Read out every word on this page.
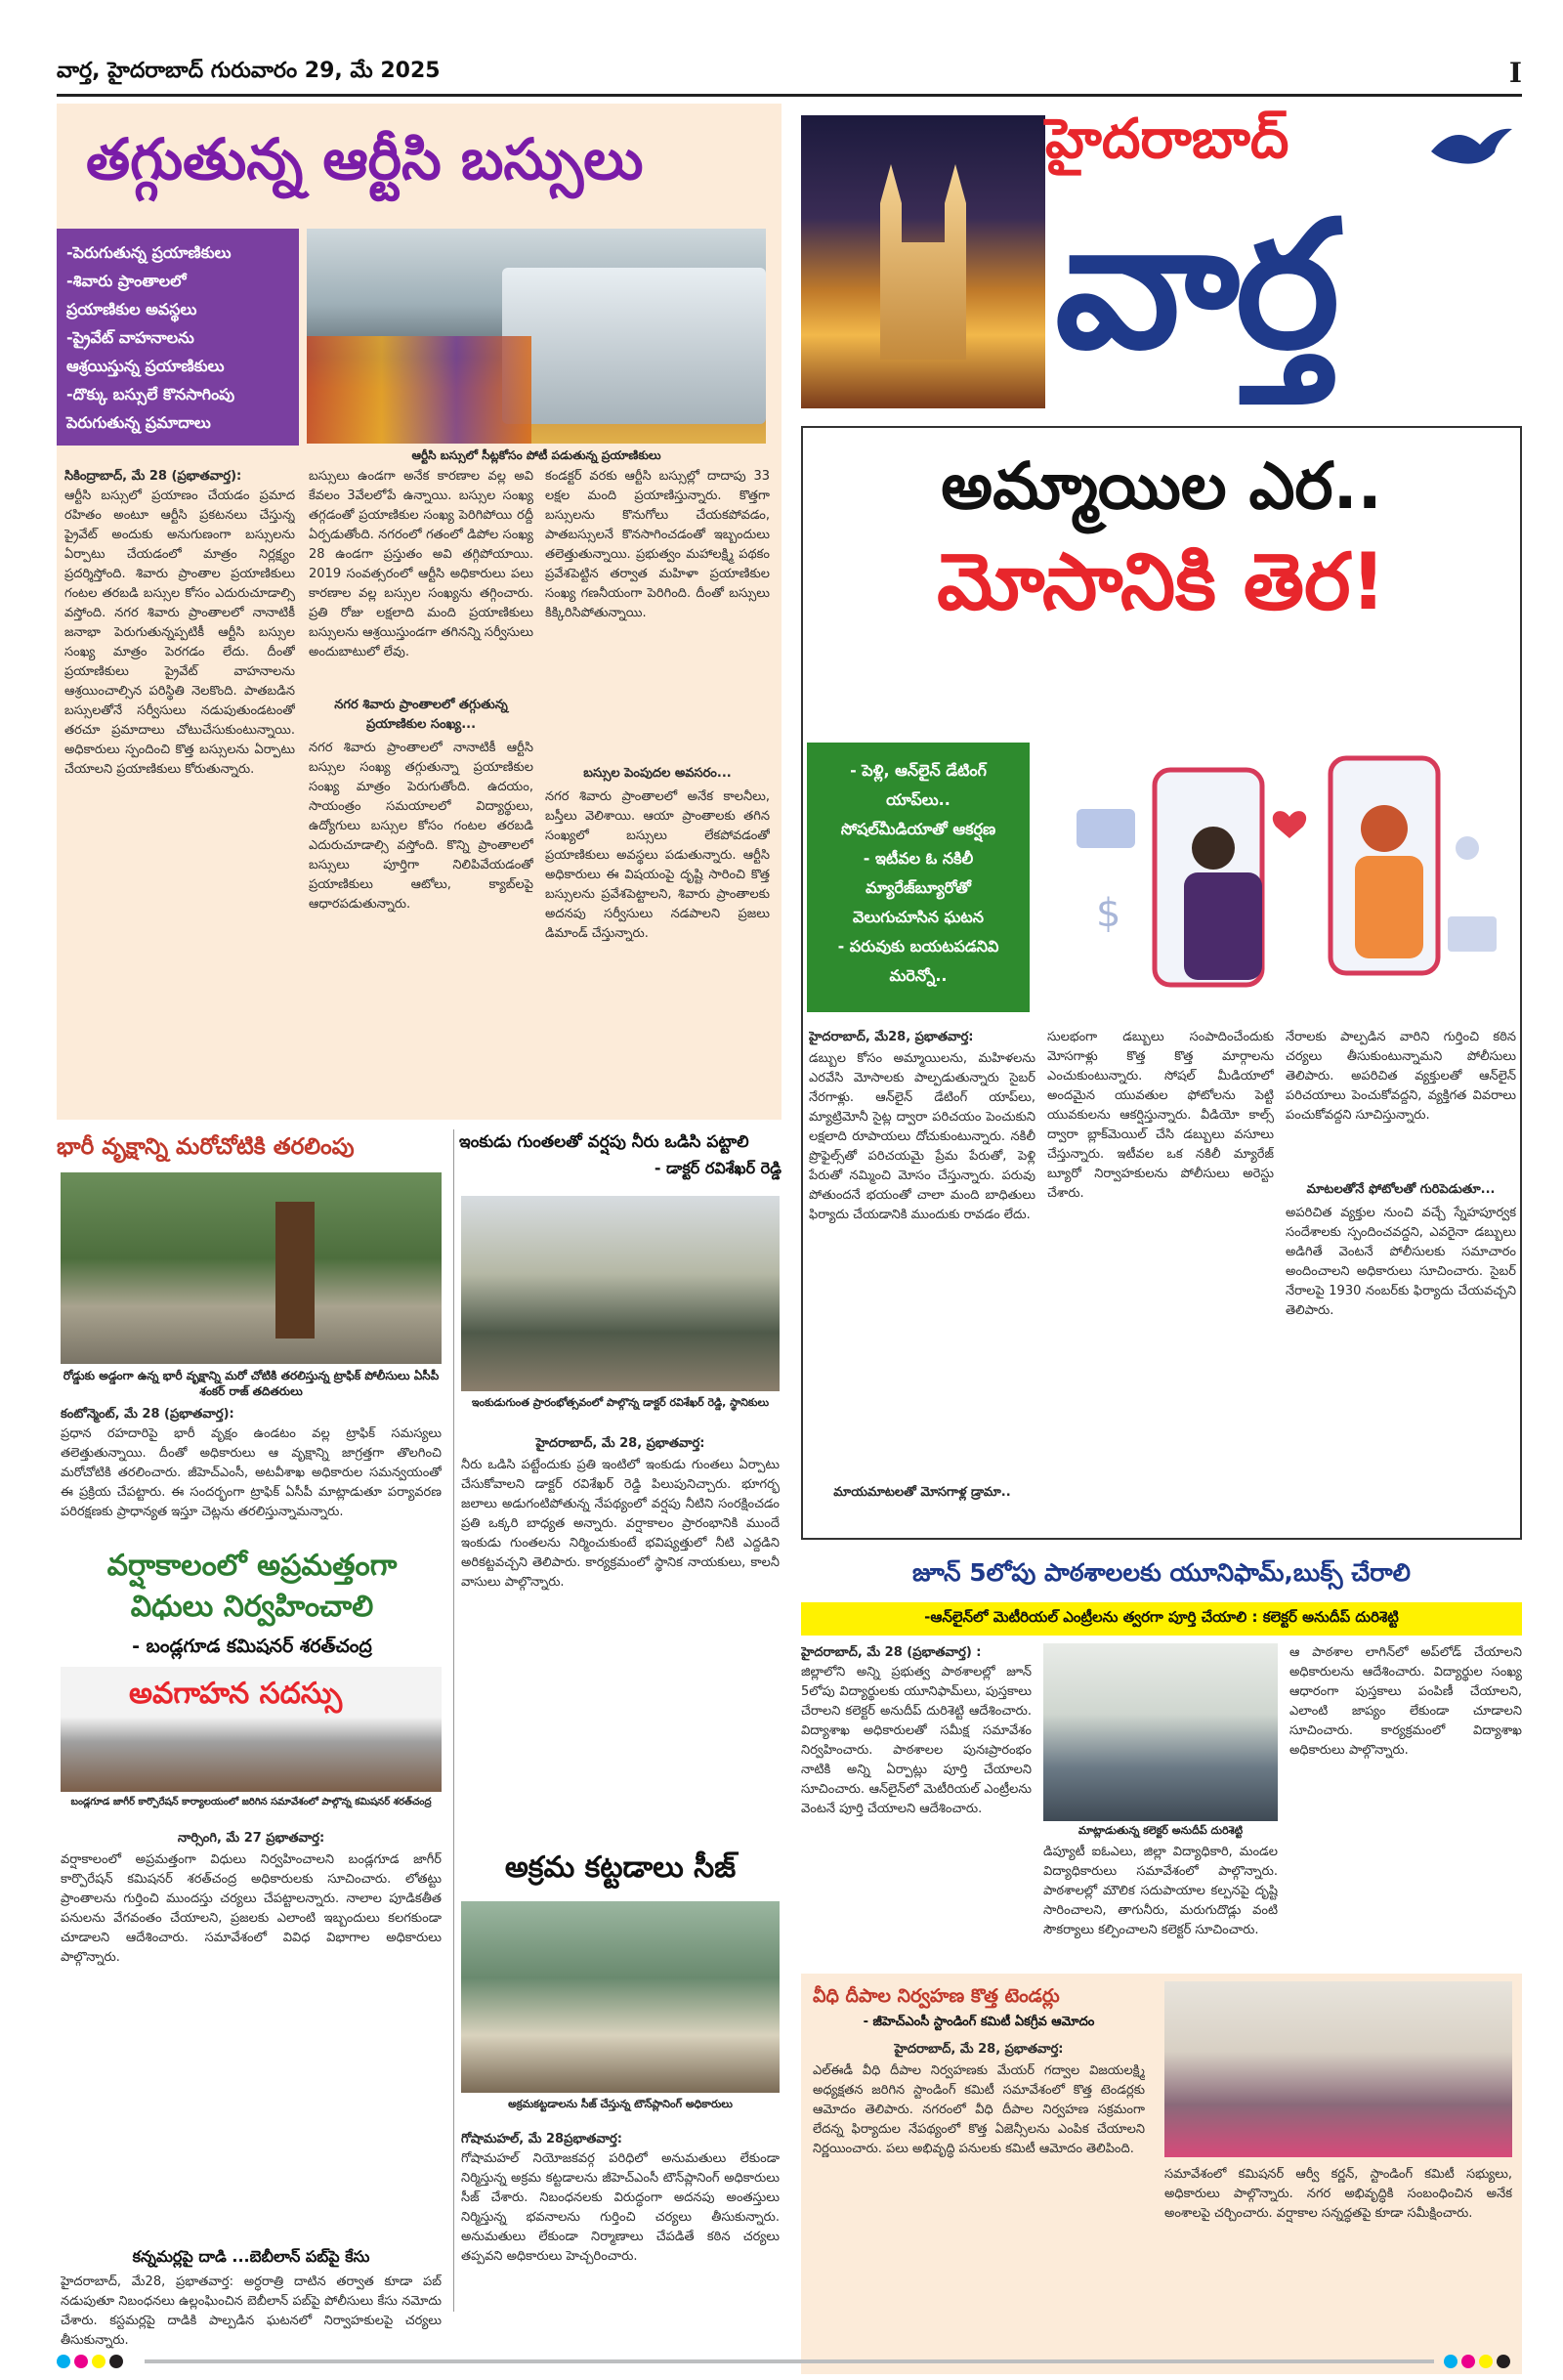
వార్త, హైదరాబాద్ గురువారం 29, మే 2025	I
తగ్గుతున్న ఆర్టీసి బస్సులు
-పెరుగుతున్న ప్రయాణికులు
-శివారు ప్రాంతాలలో
ప్రయాణికుల అవస్థలు
-ప్రైవేట్ వాహనాలను
ఆశ్రయిస్తున్న ప్రయాణికులు
-దొక్కు బస్సులే కొనసాగింపు
పెరుగుతున్న ప్రమాదాలు
ఆర్టీసి బస్సులో సీట్లకోసం పోటీ పడుతున్న ప్రయాణికులు
సికింద్రాబాద్, మే 28 (ప్రభాతవార్త):
ఆర్టీసి బస్సులో ప్రయాణం చేయడం ప్రమాద రహితం అంటూ ఆర్టీసి ప్రకటనలు చేస్తున్న ప్రైవేట్ అందుకు అనుగుణంగా బస్సులను ఏర్పాటు చేయడంలో మాత్రం నిర్లక్ష్యం ప్రదర్శిస్తోంది. శివారు ప్రాంతాల ప్రయాణికులు గంటల తరబడి బస్సుల కోసం ఎదురుచూడాల్సి వస్తోంది. నగర శివారు ప్రాంతాలలో నానాటికీ జనాభా పెరుగుతున్నప్పటికీ ఆర్టీసి బస్సుల సంఖ్య మాత్రం పెరగడం లేదు. దీంతో ప్రయాణికులు ప్రైవేట్ వాహనాలను ఆశ్రయించాల్సిన పరిస్థితి నెలకొంది. పాతబడిన బస్సులతోనే సర్వీసులు నడుపుతుండటంతో తరచూ ప్రమాదాలు చోటుచేసుకుంటున్నాయి. అధికారులు స్పందించి కొత్త బస్సులను ఏర్పాటు చేయాలని ప్రయాణికులు కోరుతున్నారు.
బస్సులు ఉండగా అనేక కారణాల వల్ల అవి కేవలం 3వేలలోపే ఉన్నాయి. బస్సుల సంఖ్య తగ్గడంతో ప్రయాణికుల సంఖ్య పెరిగిపోయి రద్దీ ఏర్పడుతోంది. నగరంలో గతంలో డిపోల సంఖ్య 28 ఉండగా ప్రస్తుతం అవి తగ్గిపోయాయి. 2019 సంవత్సరంలో ఆర్టీసి అధికారులు పలు కారణాల వల్ల బస్సుల సంఖ్యను తగ్గించారు. ప్రతి రోజు లక్షలాది మంది ప్రయాణికులు బస్సులను ఆశ్రయిస్తుండగా తగినన్ని సర్వీసులు అందుబాటులో లేవు.
నగర శివారు ప్రాంతాలలో తగ్గుతున్న ప్రయాణికుల సంఖ్య...
నగర శివారు ప్రాంతాలలో నానాటికీ ఆర్టీసి బస్సుల సంఖ్య తగ్గుతున్నా ప్రయాణికుల సంఖ్య మాత్రం పెరుగుతోంది. ఉదయం, సాయంత్రం సమయాలలో విద్యార్థులు, ఉద్యోగులు బస్సుల కోసం గంటల తరబడి ఎదురుచూడాల్సి వస్తోంది. కొన్ని ప్రాంతాలలో బస్సులు పూర్తిగా నిలిపివేయడంతో ప్రయాణికులు ఆటోలు, క్యాబ్‌లపై ఆధారపడుతున్నారు.
కండక్టర్ వరకు ఆర్టీసి బస్సుల్లో దాదాపు 33 లక్షల మంది ప్రయాణిస్తున్నారు. కొత్తగా బస్సులను కొనుగోలు చేయకపోవడం, పాతబస్సులనే కొనసాగించడంతో ఇబ్బందులు తలెత్తుతున్నాయి. ప్రభుత్వం మహాలక్ష్మి పథకం ప్రవేశపెట్టిన తర్వాత మహిళా ప్రయాణికుల సంఖ్య గణనీయంగా పెరిగింది. దీంతో బస్సులు కిక్కిరిసిపోతున్నాయి.
బస్సుల పెంపుదల అవసరం...
నగర శివారు ప్రాంతాలలో అనేక కాలనీలు, బస్తీలు వెలిశాయి. ఆయా ప్రాంతాలకు తగిన సంఖ్యలో బస్సులు లేకపోవడంతో ప్రయాణికులు అవస్థలు పడుతున్నారు. ఆర్టీసి అధికారులు ఈ విషయంపై దృష్టి సారించి కొత్త బస్సులను ప్రవేశపెట్టాలని, శివారు ప్రాంతాలకు అదనపు సర్వీసులు నడపాలని ప్రజలు డిమాండ్ చేస్తున్నారు.
హైదరాబాద్
వార్త
అమ్మాయిల ఎర..
మోసానికి తెర!
- పెళ్లి, ఆన్‌లైన్ డేటింగ్
యాప్‌లు..
సోషల్‌మీడియాతో ఆకర్షణ
- ఇటీవల ఓ నకిలీ
మ్యారేజ్‌బ్యూరోతో
వెలుగుచూసిన ఘటన
- పరువుకు బయటపడనివి
మరెన్నో..
$
హైదరాబాద్, మే28, ప్రభాతవార్త:
డబ్బుల కోసం అమ్మాయిలను, మహిళలను ఎరవేసి మోసాలకు పాల్పడుతున్నారు సైబర్ నేరగాళ్లు. ఆన్‌లైన్ డేటింగ్ యాప్‌లు, మ్యాట్రిమోనీ సైట్ల ద్వారా పరిచయం పెంచుకుని లక్షలాది రూపాయలు దోచుకుంటున్నారు. నకిలీ ప్రొఫైల్స్‌తో పరిచయమై ప్రేమ పేరుతో, పెళ్లి పేరుతో నమ్మించి మోసం చేస్తున్నారు. పరువు పోతుందనే భయంతో చాలా మంది బాధితులు ఫిర్యాదు చేయడానికి ముందుకు రావడం లేదు.
మాయమాటలతో మోసగాళ్ల డ్రామా..
సులభంగా డబ్బులు సంపాదించేందుకు మోసగాళ్లు కొత్త కొత్త మార్గాలను ఎంచుకుంటున్నారు. సోషల్ మీడియాలో అందమైన యువతుల ఫోటోలను పెట్టి యువకులను ఆకర్షిస్తున్నారు. వీడియో కాల్స్ ద్వారా బ్లాక్‌మెయిల్ చేసి డబ్బులు వసూలు చేస్తున్నారు. ఇటీవల ఒక నకిలీ మ్యారేజ్ బ్యూరో నిర్వాహకులను పోలీసులు అరెస్టు చేశారు.
నేరాలకు పాల్పడిన వారిని గుర్తించి కఠిన చర్యలు తీసుకుంటున్నామని పోలీసులు తెలిపారు. అపరిచిత వ్యక్తులతో ఆన్‌లైన్ పరిచయాలు పెంచుకోవద్దని, వ్యక్తిగత వివరాలు పంచుకోవద్దని సూచిస్తున్నారు.
మాటలతోనే ఫోటోలతో గురిపెడుతూ...
అపరిచిత వ్యక్తుల నుంచి వచ్చే స్నేహపూర్వక సందేశాలకు స్పందించవద్దని, ఎవరైనా డబ్బులు అడిగితే వెంటనే పోలీసులకు సమాచారం అందించాలని అధికారులు సూచించారు. సైబర్ నేరాలపై 1930 నంబర్‌కు ఫిర్యాదు చేయవచ్చని తెలిపారు.
భారీ వృక్షాన్ని మరోచోటికి తరలింపు
రోడ్డుకు అడ్డంగా ఉన్న భారీ వృక్షాన్ని మరో చోటికి తరలిస్తున్న ట్రాఫిక్ పోలీసులు ఏసీపీ శంకర్ రాజ్ తదితరులు
కంటోన్మెంట్, మే 28 (ప్రభాతవార్త):
ప్రధాన రహదారిపై భారీ వృక్షం ఉండటం వల్ల ట్రాఫిక్ సమస్యలు తలెత్తుతున్నాయి. దీంతో అధికారులు ఆ వృక్షాన్ని జాగ్రత్తగా తొలగించి మరోచోటికి తరలించారు. జీహెచ్‌ఎంసీ, అటవీశాఖ అధికారుల సమన్వయంతో ఈ ప్రక్రియ చేపట్టారు. ఈ సందర్భంగా ట్రాఫిక్ ఏసీపీ మాట్లాడుతూ పర్యావరణ పరిరక్షణకు ప్రాధాన్యత ఇస్తూ చెట్లను తరలిస్తున్నామన్నారు.
ఇంకుడు గుంతలతో వర్షపు నీరు ఒడిసి పట్టాలి
- డాక్టర్ రవిశేఖర్ రెడ్డి
ఇంకుడుగుంత ప్రారంభోత్సవంలో పాల్గొన్న డాక్టర్ రవిశేఖర్ రెడ్డి, స్థానికులు
హైదరాబాద్, మే 28, ప్రభాతవార్త:
నీరు ఒడిసి పట్టేందుకు ప్రతి ఇంటిలో ఇంకుడు గుంతలు ఏర్పాటు చేసుకోవాలని డాక్టర్ రవిశేఖర్ రెడ్డి పిలుపునిచ్చారు. భూగర్భ జలాలు అడుగంటిపోతున్న నేపథ్యంలో వర్షపు నీటిని సంరక్షించడం ప్రతి ఒక్కరి బాధ్యత అన్నారు. వర్షాకాలం ప్రారంభానికి ముందే ఇంకుడు గుంతలను నిర్మించుకుంటే భవిష్యత్తులో నీటి ఎద్దడిని అరికట్టవచ్చని తెలిపారు. కార్యక్రమంలో స్థానిక నాయకులు, కాలనీ వాసులు పాల్గొన్నారు.
వర్షాకాలంలో అప్రమత్తంగా
విధులు నిర్వహించాలి
- బండ్లగూడ కమిషనర్ శరత్‌చంద్ర
అవగాహన సదస్సు
బండ్లగూడ జాగీర్ కార్పొరేషన్ కార్యాలయంలో జరిగిన సమావేశంలో పాల్గొన్న కమిషనర్ శరత్‌చంద్ర
నార్సింగి, మే 27 ప్రభాతవార్త:
వర్షాకాలంలో అప్రమత్తంగా విధులు నిర్వహించాలని బండ్లగూడ జాగీర్ కార్పొరేషన్ కమిషనర్ శరత్‌చంద్ర అధికారులకు సూచించారు. లోతట్టు ప్రాంతాలను గుర్తించి ముందస్తు చర్యలు చేపట్టాలన్నారు. నాలాల పూడికతీత పనులను వేగవంతం చేయాలని, ప్రజలకు ఎలాంటి ఇబ్బందులు కలగకుండా చూడాలని ఆదేశించారు. సమావేశంలో వివిధ విభాగాల అధికారులు పాల్గొన్నారు.
కన్నమర్లపై దాడి ...బెబీలాన్ పబ్‌పై కేసు
హైదరాబాద్, మే28, ప్రభాతవార్త: అర్ధరాత్రి దాటిన తర్వాత కూడా పబ్ నడుపుతూ నిబంధనలు ఉల్లంఘించిన బెబీలాన్ పబ్‌పై పోలీసులు కేసు నమోదు చేశారు. కస్టమర్లపై దాడికి పాల్పడిన ఘటనలో నిర్వాహకులపై చర్యలు తీసుకున్నారు.
అక్రమ కట్టడాలు సీజ్
అక్రమకట్టడాలను సీజ్ చేస్తున్న టౌన్‌ప్లానింగ్ అధికారులు
గోషామహల్, మే 28ప్రభాతవార్త:
గోషామహల్ నియోజకవర్గ పరిధిలో అనుమతులు లేకుండా నిర్మిస్తున్న అక్రమ కట్టడాలను జీహెచ్‌ఎంసీ టౌన్‌ప్లానింగ్ అధికారులు సీజ్ చేశారు. నిబంధనలకు విరుద్ధంగా అదనపు అంతస్తులు నిర్మిస్తున్న భవనాలను గుర్తించి చర్యలు తీసుకున్నారు. అనుమతులు లేకుండా నిర్మాణాలు చేపడితే కఠిన చర్యలు తప్పవని అధికారులు హెచ్చరించారు.
జూన్ 5లోపు పాఠశాలలకు యూనిఫామ్,బుక్స్ చేరాలి
-ఆన్‌లైన్‌లో మెటీరియల్ ఎంట్రీలను త్వరగా పూర్తి చేయాలి : కలెక్టర్ అనుదీప్ దురిశెట్టి
హైదరాబాద్, మే 28 (ప్రభాతవార్త) :
జిల్లాలోని అన్ని ప్రభుత్వ పాఠశాలల్లో జూన్ 5లోపు విద్యార్థులకు యూనిఫామ్‌లు, పుస్తకాలు చేరాలని కలెక్టర్ అనుదీప్ దురిశెట్టి ఆదేశించారు. విద్యాశాఖ అధికారులతో సమీక్ష సమావేశం నిర్వహించారు. పాఠశాలల పునఃప్రారంభం నాటికి అన్ని ఏర్పాట్లు పూర్తి చేయాలని సూచించారు. ఆన్‌లైన్‌లో మెటీరియల్ ఎంట్రీలను వెంటనే పూర్తి చేయాలని ఆదేశించారు.
మాట్లాడుతున్న కలెక్టర్ అనుదీప్ దురిశెట్టి
డిప్యూటీ ఐఓఎలు, జిల్లా విద్యాధికారి, మండల విద్యాధికారులు సమావేశంలో పాల్గొన్నారు. పాఠశాలల్లో మౌలిక సదుపాయాల కల్పనపై దృష్టి సారించాలని, తాగునీరు, మరుగుదొడ్లు వంటి సౌకర్యాలు కల్పించాలని కలెక్టర్ సూచించారు.
ఆ పాఠశాల లాగిన్‌లో అప్‌లోడ్ చేయాలని అధికారులను ఆదేశించారు. విద్యార్థుల సంఖ్య ఆధారంగా పుస్తకాలు పంపిణీ చేయాలని, ఎలాంటి జాప్యం లేకుండా చూడాలని సూచించారు. కార్యక్రమంలో విద్యాశాఖ అధికారులు పాల్గొన్నారు.
వీధి దీపాల నిర్వహణ కొత్త టెండర్లు
- జీహెచ్‌ఎంసీ స్టాండింగ్ కమిటీ ఏకగ్రీవ ఆమోదం
హైదరాబాద్, మే 28, ప్రభాతవార్త:
ఎల్ఈడీ వీధి దీపాల నిర్వహణకు మేయర్ గద్వాల విజయలక్ష్మి అధ్యక్షతన జరిగిన స్టాండింగ్ కమిటీ సమావేశంలో కొత్త టెండర్లకు ఆమోదం తెలిపారు. నగరంలో వీధి దీపాల నిర్వహణ సక్రమంగా లేదన్న ఫిర్యాదుల నేపథ్యంలో కొత్త ఏజెన్సీలను ఎంపిక చేయాలని నిర్ణయించారు. పలు అభివృద్ధి పనులకు కమిటీ ఆమోదం తెలిపింది.
సమావేశంలో కమిషనర్ ఆర్వీ కర్ణన్, స్టాండింగ్ కమిటీ సభ్యులు, అధికారులు పాల్గొన్నారు. నగర అభివృద్ధికి సంబంధించిన అనేక అంశాలపై చర్చించారు. వర్షాకాల సన్నద్ధతపై కూడా సమీక్షించారు.
